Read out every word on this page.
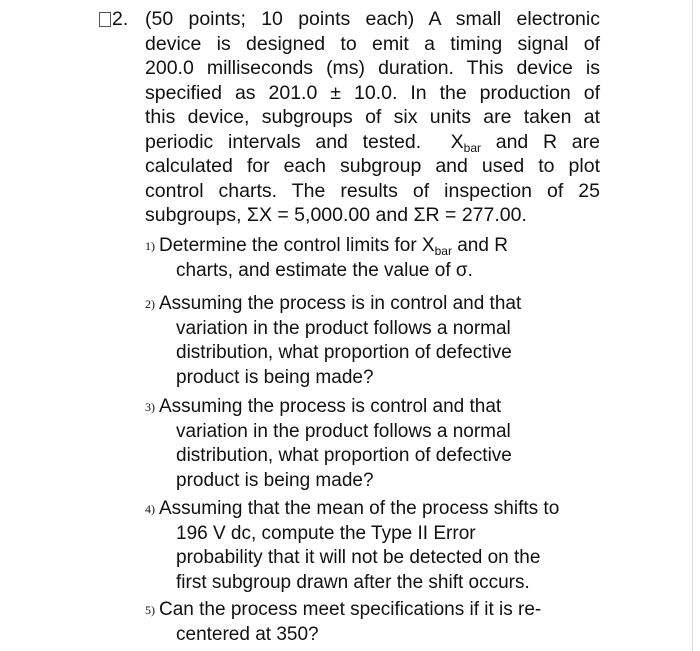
2. (50 points; 10 points each) A small electronic
device is designed to emit a timing signal of
200.0 milliseconds (ms) duration. This device is
specified as 201.0 ± 10.0. In the production of
this device, subgroups of six units are taken at
periodic intervals and tested. $X_{bar}$ and R are
calculated for each subgroup and used to plot
control charts. The results of inspection of 25
subgroups, ΣX = 5,000.00 and ΣR = 277.00.
1) Determine the control limits for $X_{bar}$ and R
charts, and estimate the value of σ.
2) Assuming the process is in control and that
variation in the product follows a normal
distribution, what proportion of defective
product is being made?
3) Assuming the process is control and that
variation in the product follows a normal
distribution, what proportion of defective
product is being made?
4) Assuming that the mean of the process shifts to
196 V dc, compute the Type II Error
probability that it will not be detected on the
first subgroup drawn after the shift occurs.
5) Can the process meet specifications if it is re-
centered at 350?
